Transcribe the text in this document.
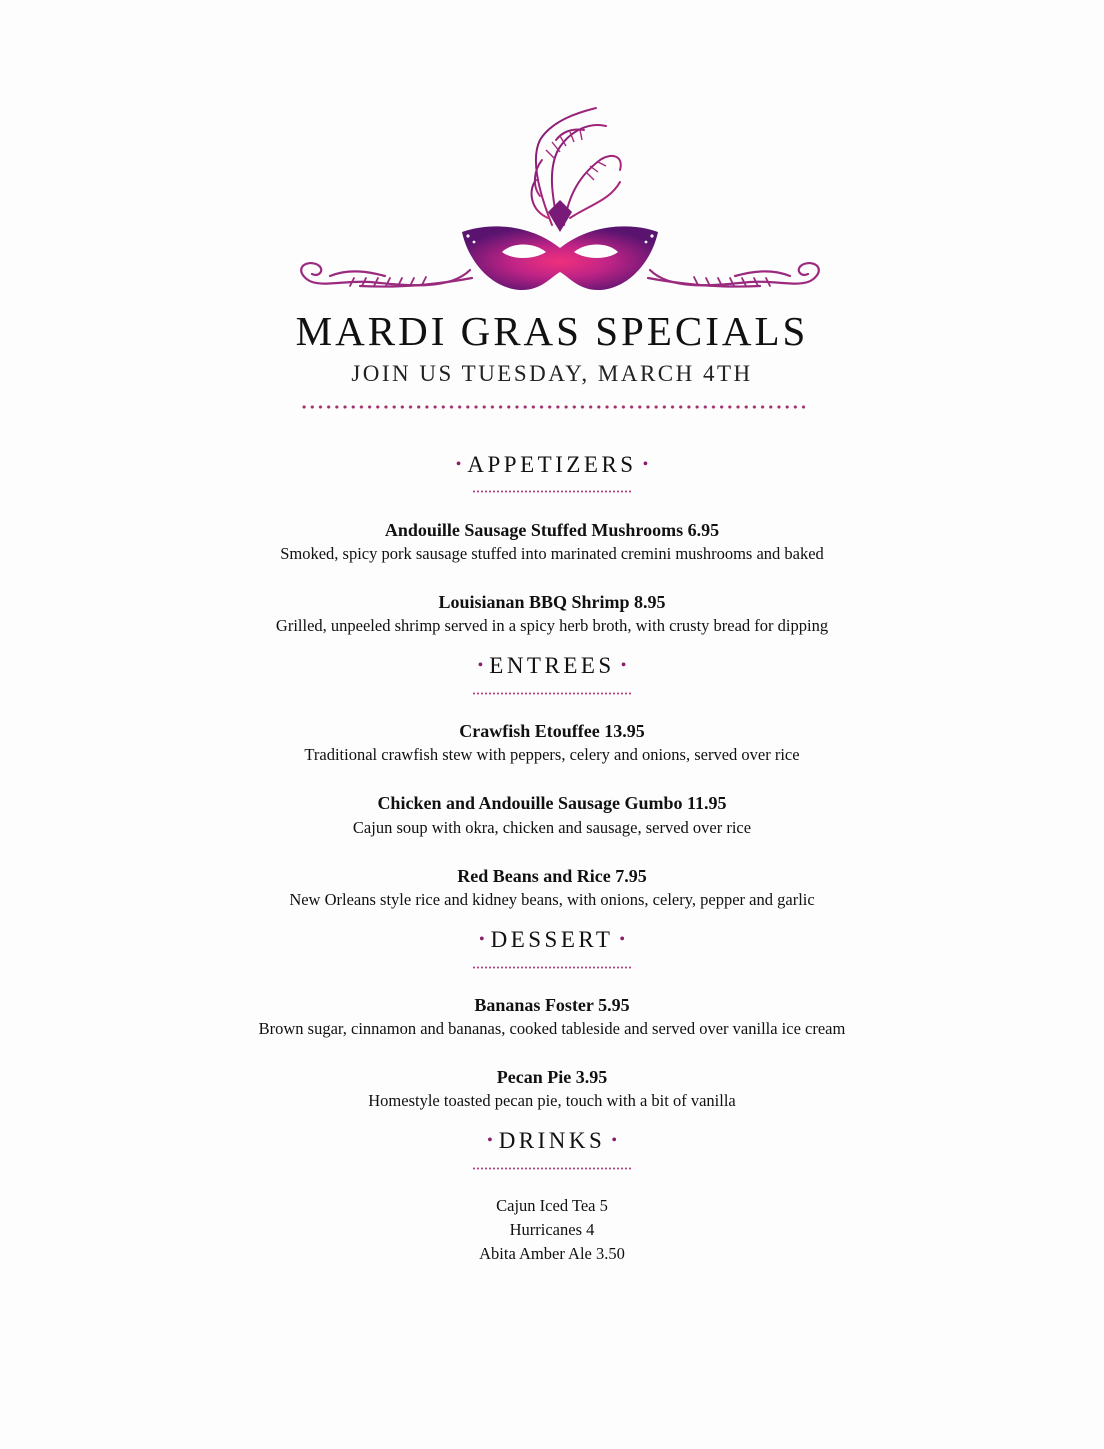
MARDI GRAS SPECIALS
JOIN US TUESDAY, MARCH 4TH
• APPETIZERS •
Andouille Sausage Stuffed Mushrooms 6.95
Smoked, spicy pork sausage stuffed into marinated cremini mushrooms and baked
Louisianan BBQ Shrimp 8.95
Grilled, unpeeled shrimp served in a spicy herb broth, with crusty bread for dipping
• ENTREES •
Crawfish Etouffee 13.95
Traditional crawfish stew with peppers, celery and onions, served over rice
Chicken and Andouille Sausage Gumbo 11.95
Cajun soup with okra, chicken and sausage, served over rice
Red Beans and Rice 7.95
New Orleans style rice and kidney beans, with onions, celery, pepper and garlic
• DESSERT •
Bananas Foster 5.95
Brown sugar, cinnamon and bananas, cooked tableside and served over vanilla ice cream
Pecan Pie 3.95
Homestyle toasted pecan pie, touch with a bit of vanilla
• DRINKS •
Cajun Iced Tea 5
Hurricanes 4
Abita Amber Ale 3.50
